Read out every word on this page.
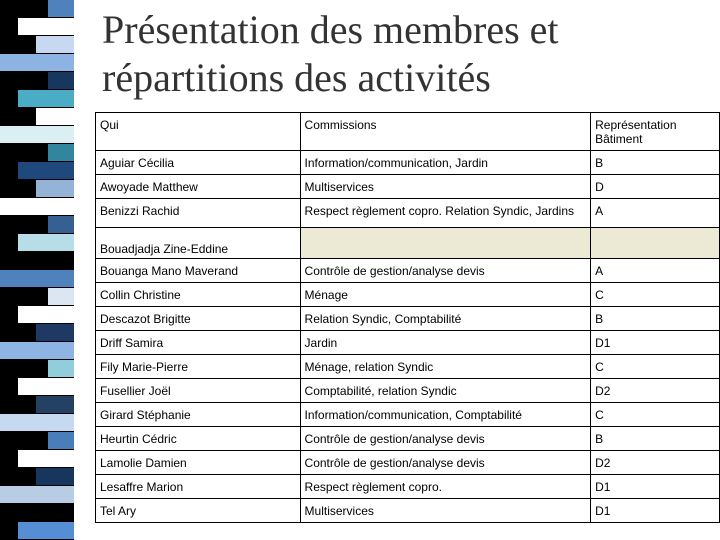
Présentation des membres et
répartitions des activités
Qui	Commissions	Représentation Bâtiment
Aguiar Cécilia	Information/communication, Jardin	B
Awoyade Matthew	Multiservices	D
Benizzi Rachid	Respect règlement copro. Relation Syndic, Jardins	A
Bouadjadja Zine-Eddine		
Bouanga Mano Maverand	Contrôle de gestion/analyse devis	A
Collin Christine	Ménage	C
Descazot Brigitte	Relation Syndic, Comptabilité	B
Driff Samira	Jardin	D1
Fily Marie-Pierre	Ménage, relation Syndic	C
Fusellier Joël	Comptabilité, relation Syndic	D2
Girard Stéphanie	Information/communication, Comptabilité	C
Heurtin Cédric	Contrôle de gestion/analyse devis	B
Lamolie Damien	Contrôle de gestion/analyse devis	D2
Lesaffre Marion	Respect règlement copro.	D1
Tel Ary	Multiservices	D1
